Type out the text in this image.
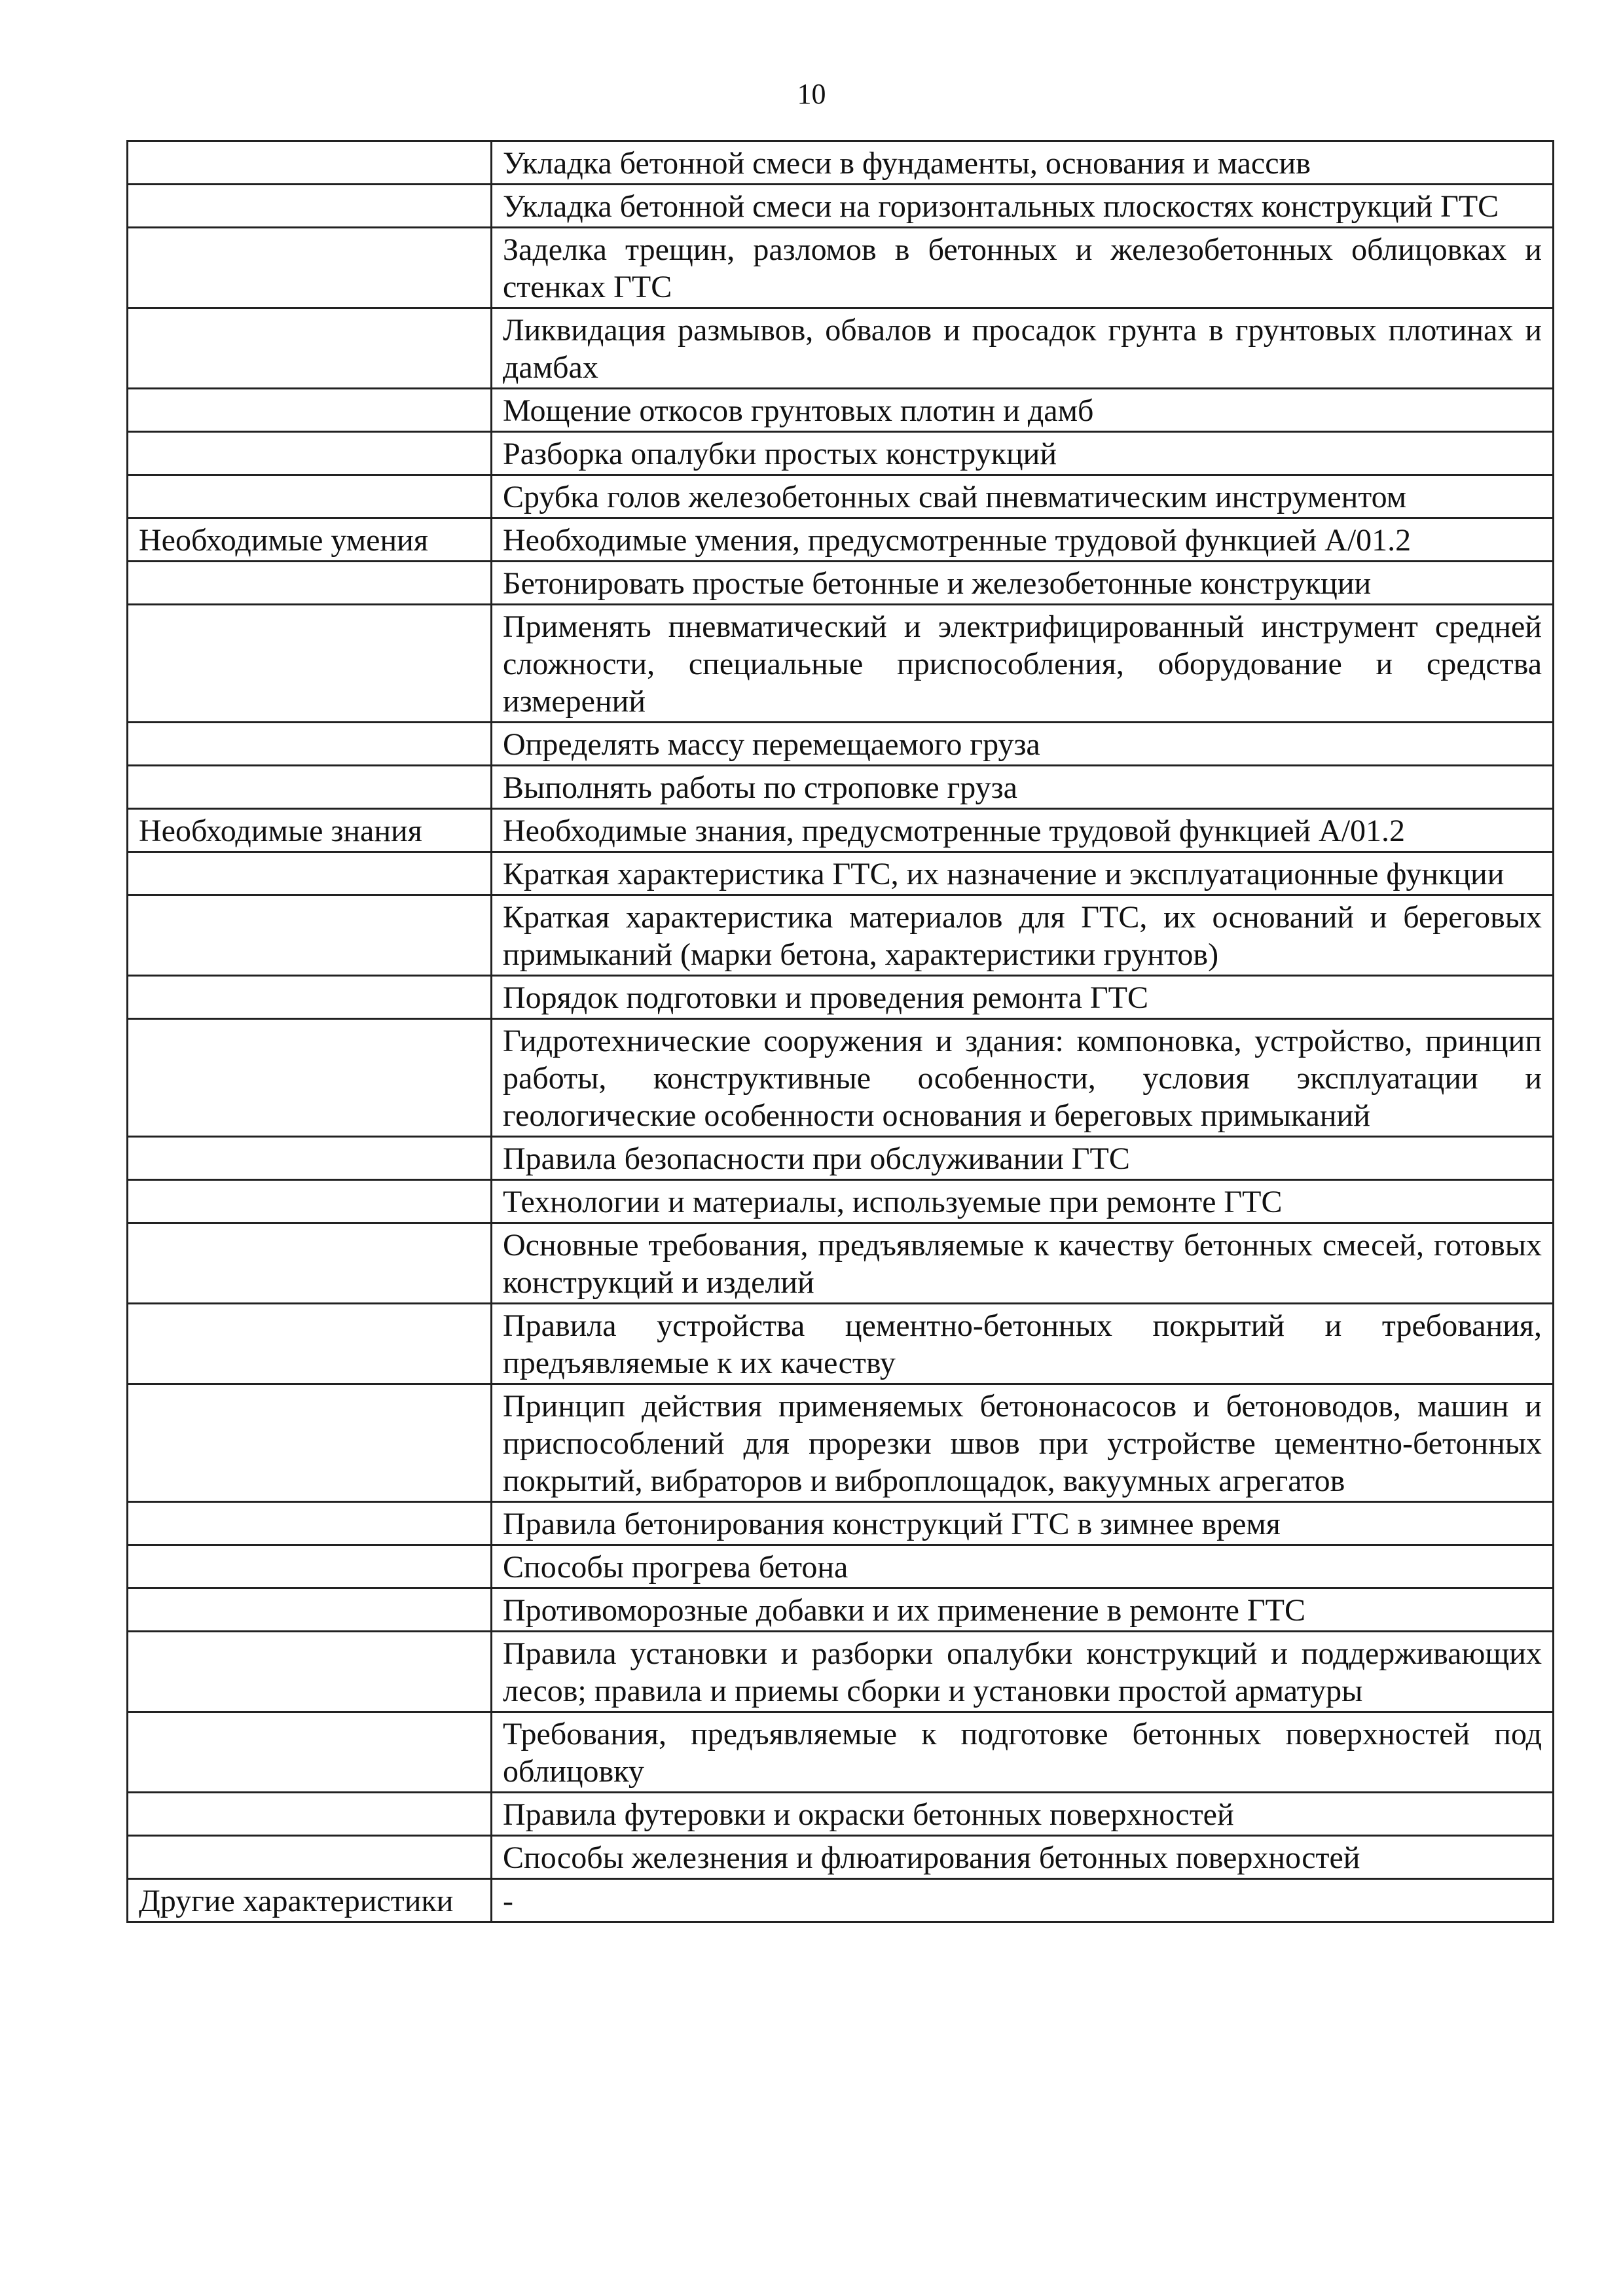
10
	Укладка бетонной смеси в фундаменты, основания и массив
	Укладка бетонной смеси на горизонтальных плоскостях конструкций ГТС
	Заделка трещин, разломов в бетонных и железобетонных облицовках и стенках ГТС
	Ликвидация размывов, обвалов и просадок грунта в грунтовых плотинах и дамбах
	Мощение откосов грунтовых плотин и дамб
	Разборка опалубки простых конструкций
	Срубка голов железобетонных свай пневматическим инструментом
Необходимые умения	Необходимые умения, предусмотренные трудовой функцией А/01.2
	Бетонировать простые бетонные и железобетонные конструкции
	Применять пневматический и электрифицированный инструмент средней сложности, специальные приспособления, оборудование и средства измерений
	Определять массу перемещаемого груза
	Выполнять работы по строповке груза
Необходимые знания	Необходимые знания, предусмотренные трудовой функцией А/01.2
	Краткая характеристика ГТС, их назначение и эксплуатационные функции
	Краткая характеристика материалов для ГТС, их оснований и береговых примыканий (марки бетона, характеристики грунтов)
	Порядок подготовки и проведения ремонта ГТС
	Гидротехнические сооружения и здания: компоновка, устройство, принцип работы, конструктивные особенности, условия эксплуатации и геологические особенности основания и береговых примыканий
	Правила безопасности при обслуживании ГТС
	Технологии и материалы, используемые при ремонте ГТС
	Основные требования, предъявляемые к качеству бетонных смесей, готовых конструкций и изделий
	Правила устройства цементно-бетонных покрытий и требования, предъявляемые к их качеству
	Принцип действия применяемых бетононасосов и бетоноводов, машин и приспособлений для прорезки швов при устройстве цементно-бетонных покрытий, вибраторов и виброплощадок, вакуумных агрегатов
	Правила бетонирования конструкций ГТС в зимнее время
	Способы прогрева бетона
	Противоморозные добавки и их применение в ремонте ГТС
	Правила установки и разборки опалубки конструкций и поддерживающих лесов; правила и приемы сборки и установки простой арматуры
	Требования, предъявляемые к подготовке бетонных поверхностей под облицовку
	Правила футеровки и окраски бетонных поверхностей
	Способы железнения и флюатирования бетонных поверхностей
Другие характеристики	-
